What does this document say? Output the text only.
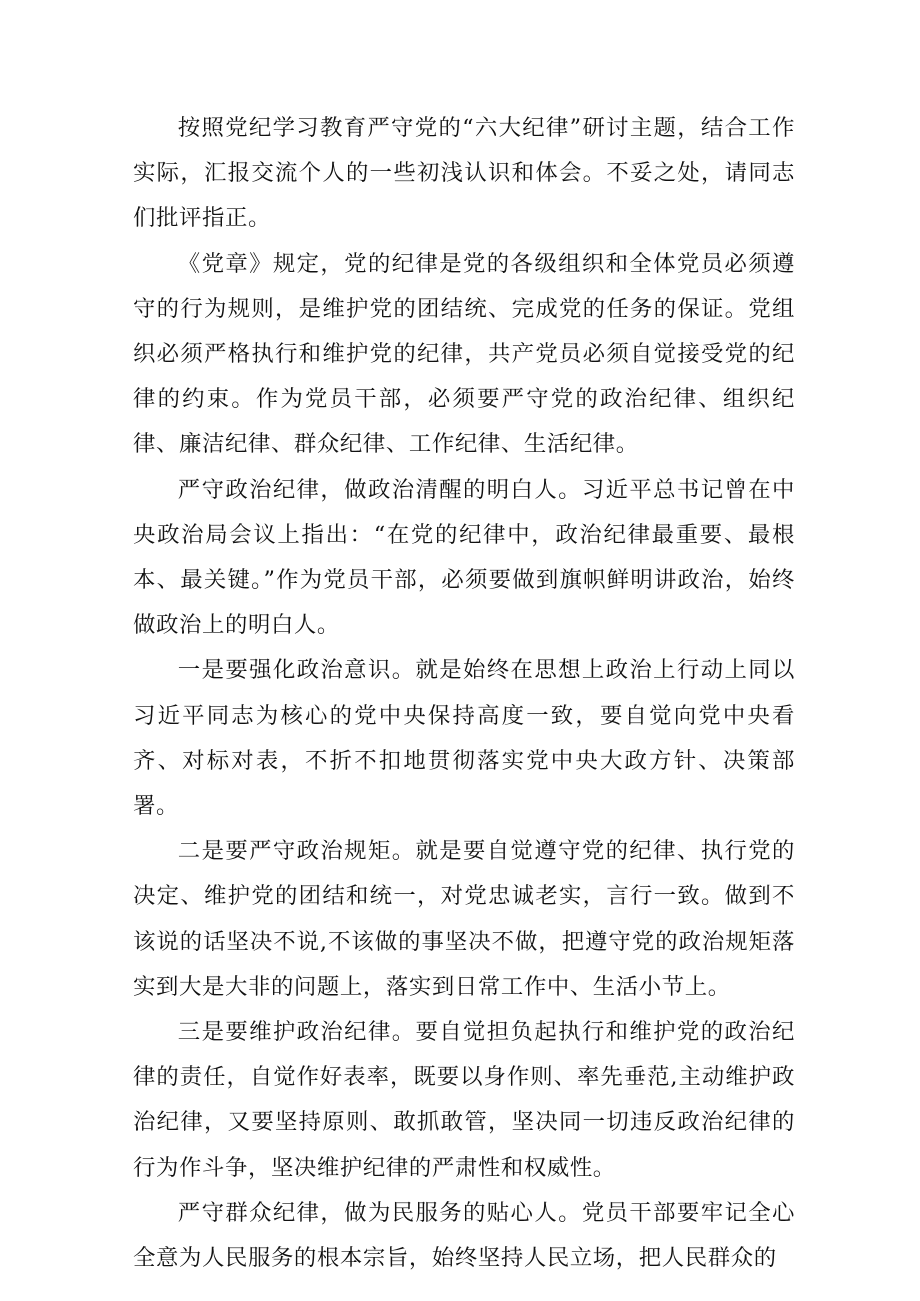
按照党纪学习教育严守党的“六大纪律”研讨主题，结合工作实际，汇报交流个人的一些初浅认识和体会。不妥之处，请同志们批评指正。

《党章》规定，党的纪律是党的各级组织和全体党员必须遵守的行为规则，是维护党的团结统、完成党的任务的保证。党组织必须严格执行和维护党的纪律，共产党员必须自觉接受党的纪律的约束。作为党员干部，必须要严守党的政治纪律、组织纪律、廉洁纪律、群众纪律、工作纪律、生活纪律。

严守政治纪律，做政治清醒的明白人。习近平总书记曾在中央政治局会议上指出：“在党的纪律中，政治纪律最重要、最根本、最关键。”作为党员干部，必须要做到旗帜鲜明讲政治，始终做政治上的明白人。

一是要强化政治意识。就是始终在思想上政治上行动上同以习近平同志为核心的党中央保持高度一致，要自觉向党中央看齐、对标对表，不折不扣地贯彻落实党中央大政方针、决策部署。

二是要严守政治规矩。就是要自觉遵守党的纪律、执行党的决定、维护党的团结和统一，对党忠诚老实，言行一致。做到不该说的话坚决不说,不该做的事坚决不做，把遵守党的政治规矩落实到大是大非的问题上，落实到日常工作中、生活小节上。

三是要维护政治纪律。要自觉担负起执行和维护党的政治纪律的责任，自觉作好表率，既要以身作则、率先垂范,主动维护政治纪律，又要坚持原则、敢抓敢管，坚决同一切违反政治纪律的行为作斗争，坚决维护纪律的严肃性和权威性。

严守群众纪律，做为民服务的贴心人。党员干部要牢记全心全意为人民服务的根本宗旨，始终坚持人民立场，把人民群众的
